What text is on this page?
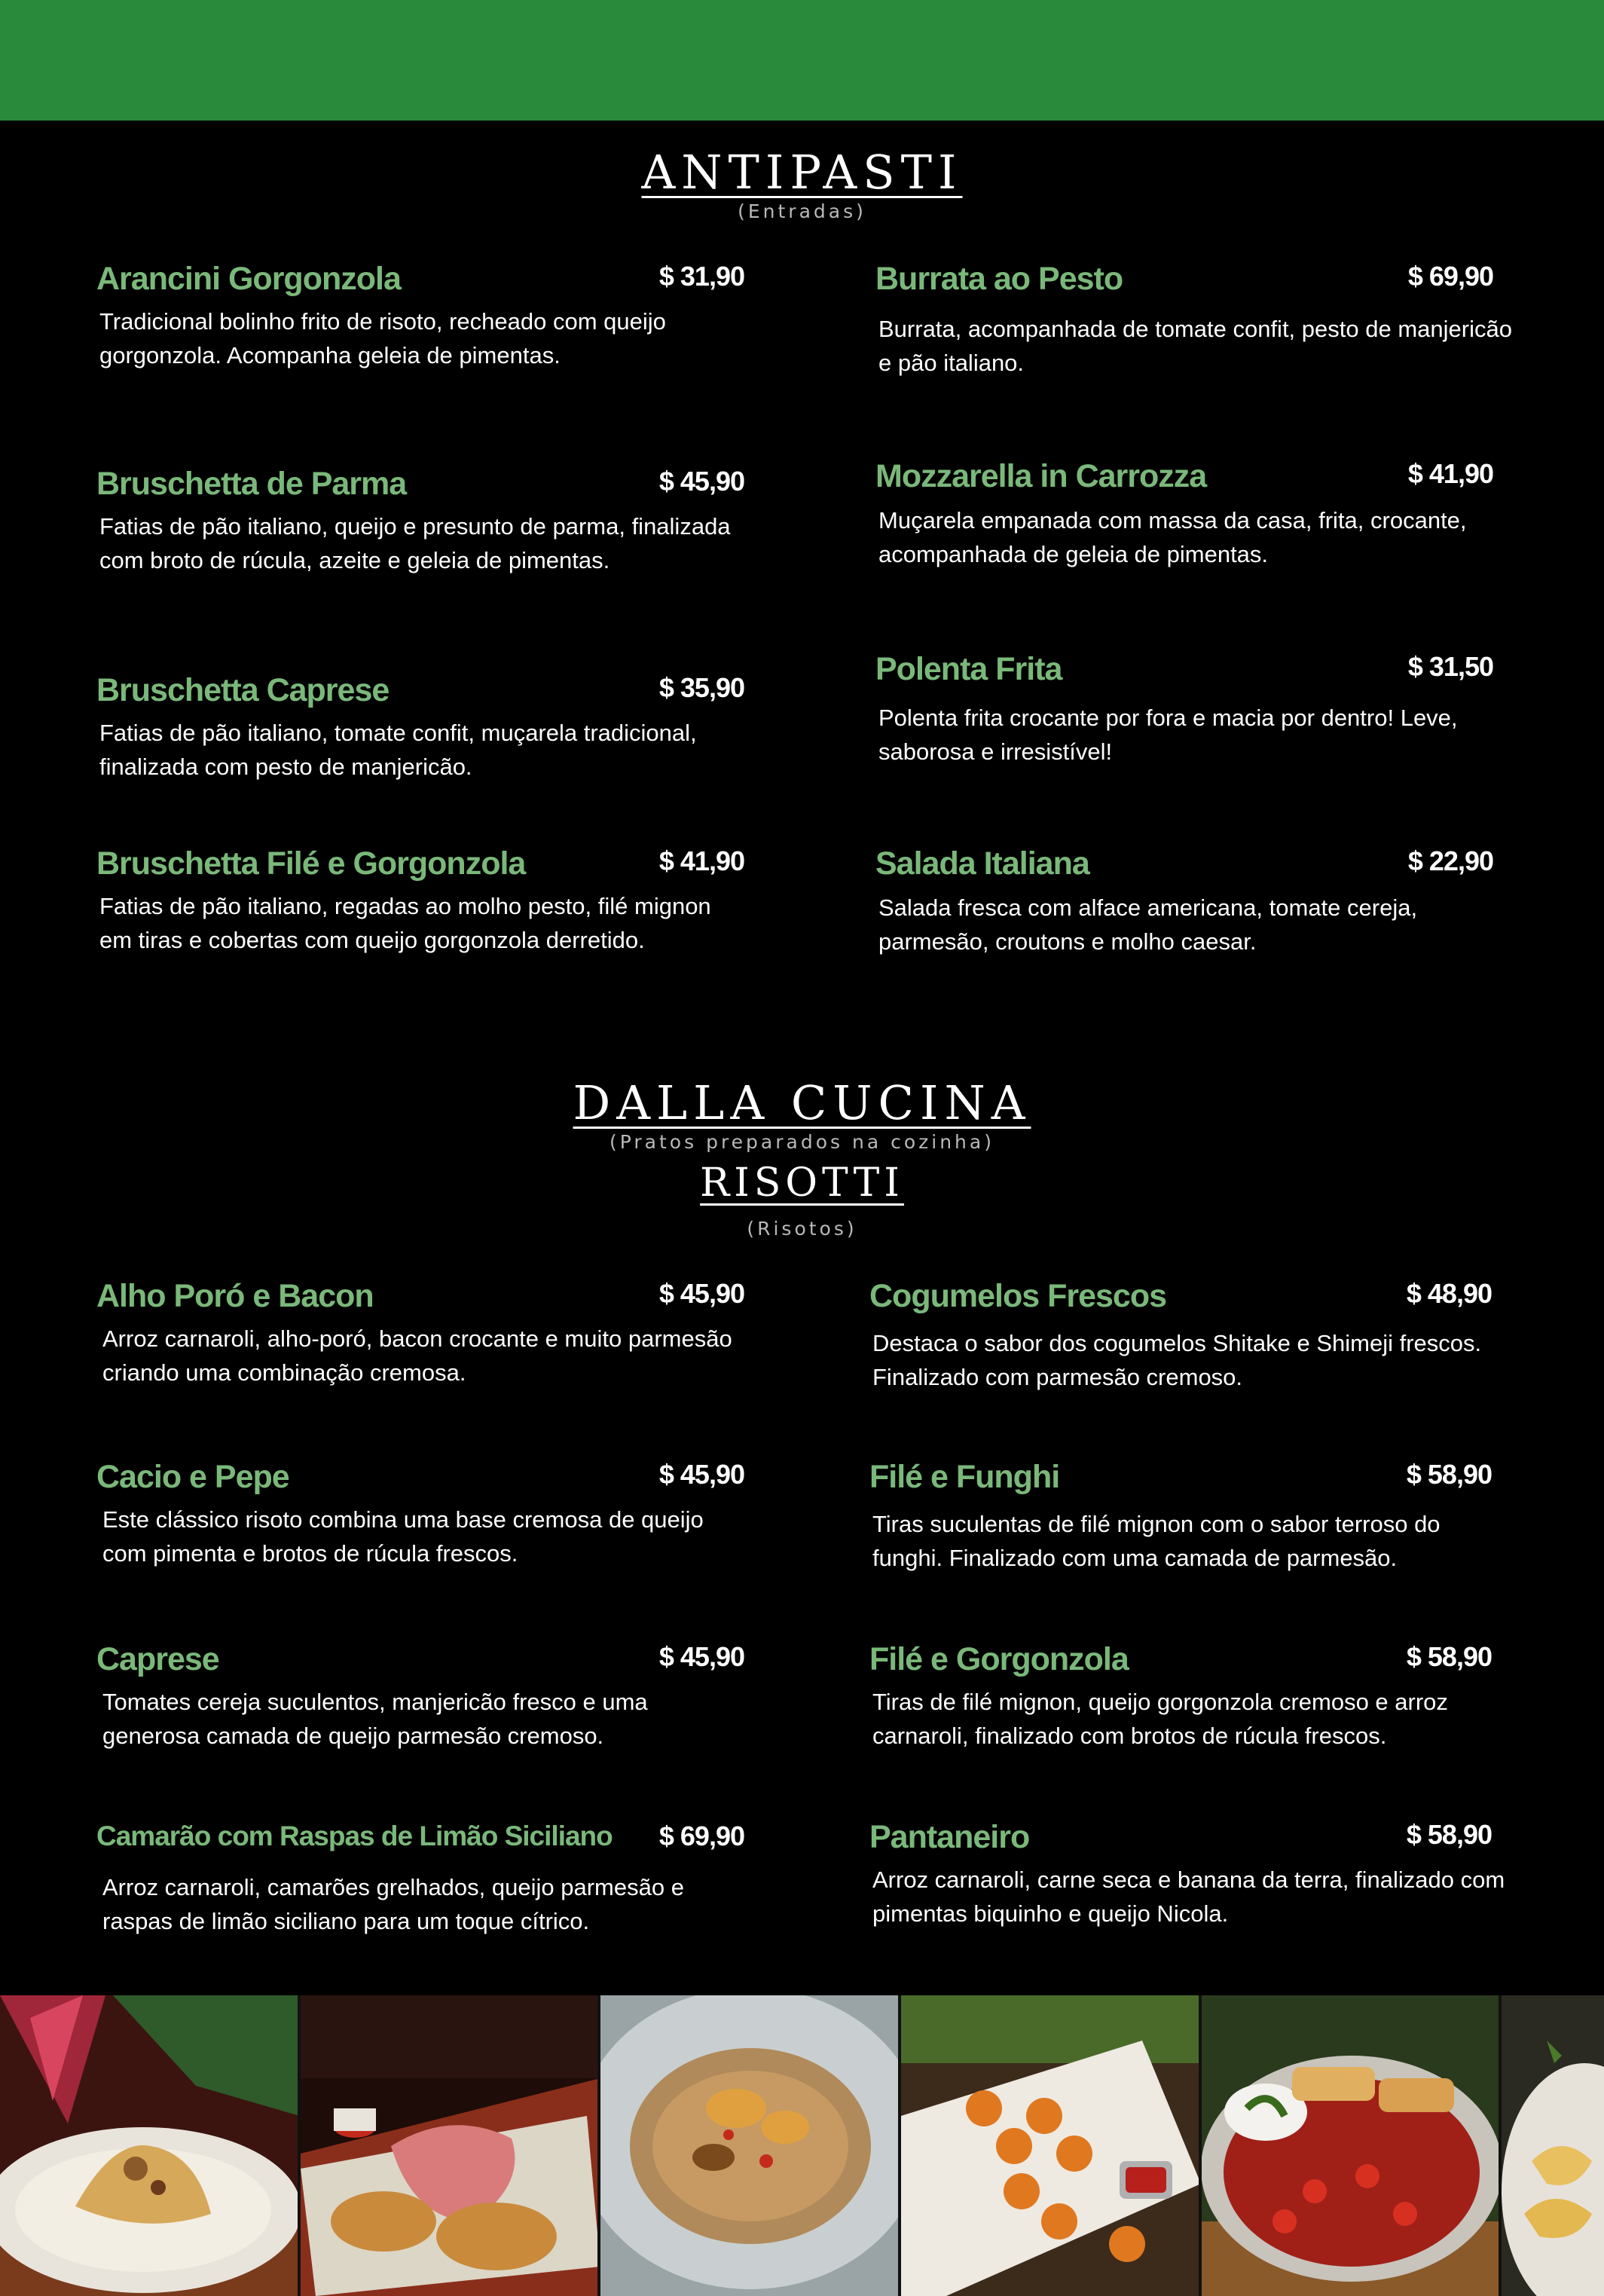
ANTIPASTI
(Entradas)
Arancini Gorgonzola	$ 31,90
Tradicional bolinho frito de risoto, recheado com queijo gorgonzola. Acompanha geleia de pimentas.
Bruschetta de Parma	$ 45,90
Fatias de pão italiano, queijo e presunto de parma, finalizada com broto de rúcula, azeite e geleia de pimentas.
Bruschetta Caprese	$ 35,90
Fatias de pão italiano, tomate confit, muçarela tradicional, finalizada com pesto de manjericão.
Bruschetta Filé e Gorgonzola	$ 41,90
Fatias de pão italiano, regadas ao molho pesto, filé mignon em tiras e cobertas com queijo gorgonzola derretido.
Burrata ao Pesto	$ 69,90
Burrata, acompanhada de tomate confit, pesto de manjericão e pão italiano.
Mozzarella in Carrozza	$ 41,90
Muçarela empanada com massa da casa, frita, crocante, acompanhada de geleia de pimentas.
Polenta Frita	$ 31,50
Polenta frita crocante por fora e macia por dentro! Leve, saborosa e irresistível!
Salada Italiana	$ 22,90
Salada fresca com alface americana, tomate cereja, parmesão, croutons e molho caesar.
DALLA CUCINA
(Pratos preparados na cozinha)
RISOTTI
(Risotos)
Alho Poró e Bacon	$ 45,90
Arroz carnaroli, alho-poró, bacon crocante e muito parmesão criando uma combinação cremosa.
Cacio e Pepe	$ 45,90
Este clássico risoto combina uma base cremosa de queijo com pimenta e brotos de rúcula frescos.
Caprese	$ 45,90
Tomates cereja suculentos, manjericão fresco e uma generosa camada de queijo parmesão cremoso.
Camarão com Raspas de Limão Siciliano $ 69,90
Arroz carnaroli, camarões grelhados, queijo parmesão e raspas de limão siciliano para um toque cítrico.
Cogumelos Frescos	$ 48,90
Destaca o sabor dos cogumelos Shitake e Shimeji frescos. Finalizado com parmesão cremoso.
Filé e Funghi	$ 58,90
Tiras suculentas de filé mignon com o sabor terroso do funghi. Finalizado com uma camada de parmesão.
Filé e Gorgonzola	$ 58,90
Tiras de filé mignon, queijo gorgonzola cremoso e arroz carnaroli, finalizado com brotos de rúcula frescos.
Pantaneiro	$ 58,90
Arroz carnaroli, carne seca e banana da terra, finalizado com pimentas biquinho e queijo Nicola.
